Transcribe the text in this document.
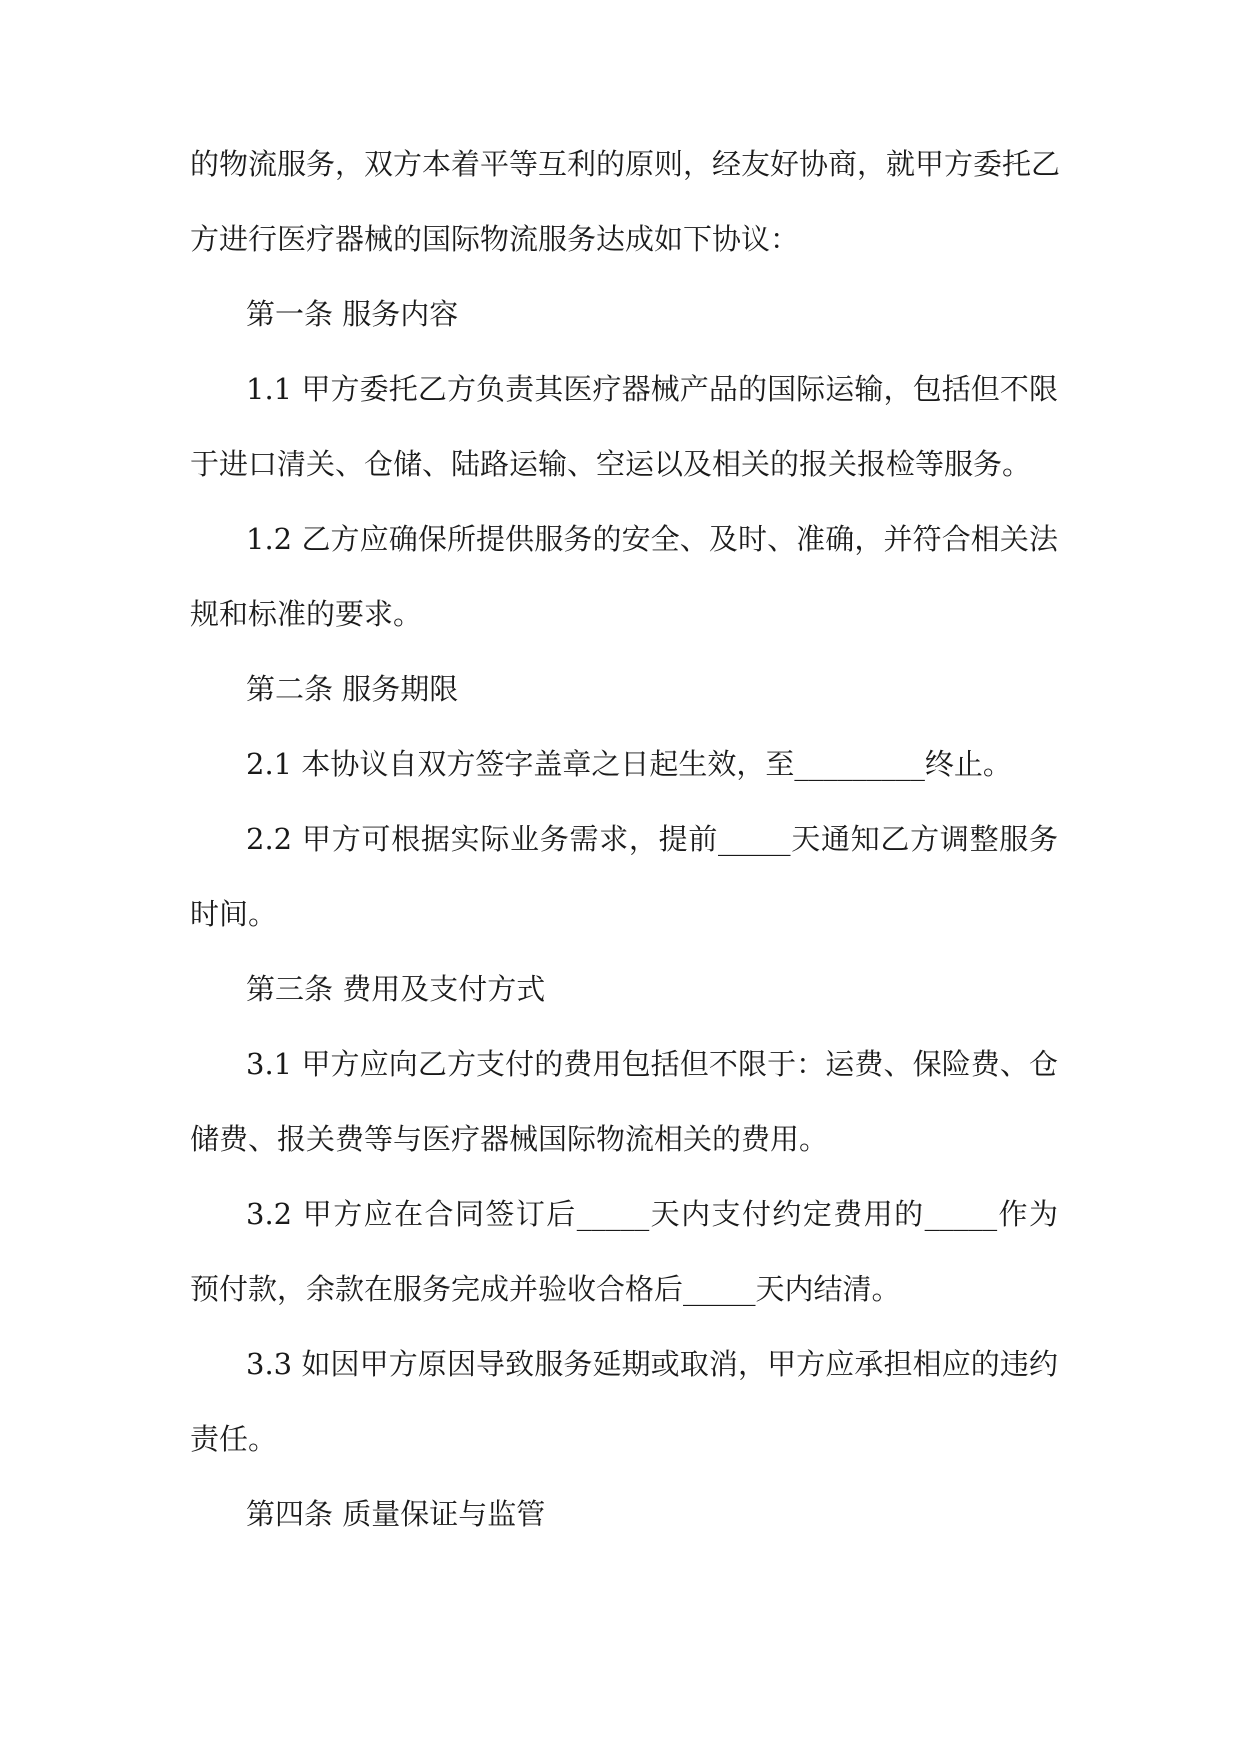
的物流服务，双方本着平等互利的原则，经友好协商，就甲方委托乙
方进行医疗器械的国际物流服务达成如下协议：
第一条 服务内容
1.1 甲方委托乙方负责其医疗器械产品的国际运输，包括但不限
于进口清关、仓储、陆路运输、空运以及相关的报关报检等服务。
1.2 乙方应确保所提供服务的安全、及时、准确，并符合相关法
规和标准的要求。
第二条 服务期限
2.1 本协议自双方签字盖章之日起生效，至_________终止。
2.2 甲方可根据实际业务需求，提前_____天通知乙方调整服务
时间。
第三条 费用及支付方式
3.1 甲方应向乙方支付的费用包括但不限于：运费、保险费、仓
储费、报关费等与医疗器械国际物流相关的费用。
3.2 甲方应在合同签订后_____天内支付约定费用的_____作为
预付款，余款在服务完成并验收合格后_____天内结清。
3.3 如因甲方原因导致服务延期或取消，甲方应承担相应的违约
责任。
第四条 质量保证与监管
